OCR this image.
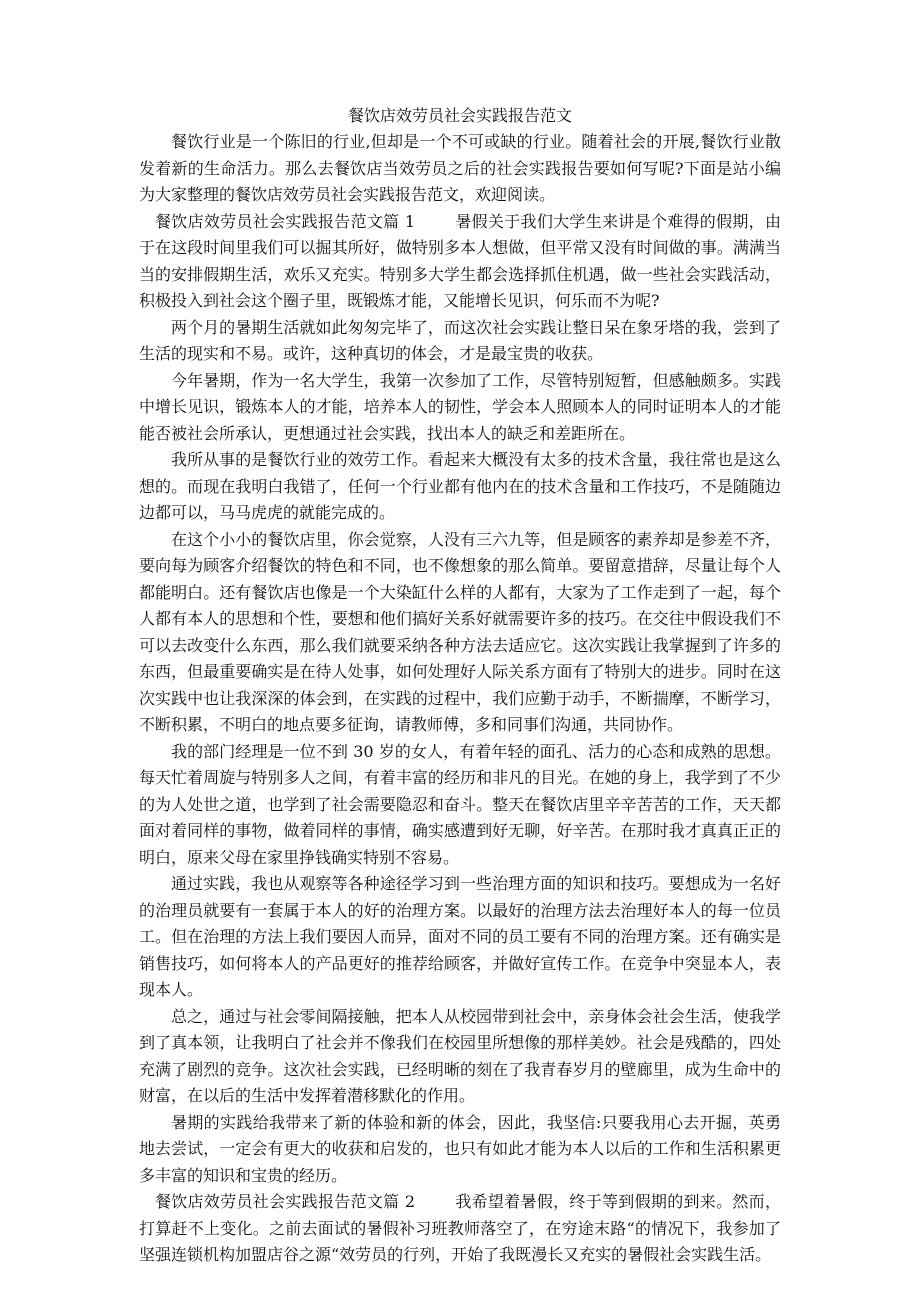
餐饮店效劳员社会实践报告范文

餐饮行业是一个陈旧的行业,但却是一个不可或缺的行业。随着社会的开展,餐饮行业散发着新的生命活力。那么去餐饮店当效劳员之后的社会实践报告要如何写呢?下面是站小编为大家整理的餐饮店效劳员社会实践报告范文，欢迎阅读。

餐饮店效劳员社会实践报告范文篇 1	暑假关于我们大学生来讲是个难得的假期，由于在这段时间里我们可以掘其所好，做特别多本人想做，但平常又没有时间做的事。满满当当的安排假期生活，欢乐又充实。特别多大学生都会选择抓住机遇，做一些社会实践活动，积极投入到社会这个圈子里，既锻炼才能，又能增长见识，何乐而不为呢?

两个月的暑期生活就如此匆匆完毕了，而这次社会实践让整日呆在象牙塔的我，尝到了生活的现实和不易。或许，这种真切的体会，才是最宝贵的收获。

今年暑期，作为一名大学生，我第一次参加了工作，尽管特别短暂，但感触颇多。实践中增长见识，锻炼本人的才能，培养本人的韧性，学会本人照顾本人的同时证明本人的才能能否被社会所承认，更想通过社会实践，找出本人的缺乏和差距所在。

我所从事的是餐饮行业的效劳工作。看起来大概没有太多的技术含量，我往常也是这么想的。而现在我明白我错了，任何一个行业都有他内在的技术含量和工作技巧，不是随随边边都可以，马马虎虎的就能完成的。

在这个小小的餐饮店里，你会觉察，人没有三六九等，但是顾客的素养却是参差不齐，要向每为顾客介绍餐饮的特色和不同，也不像想象的那么简单。要留意措辞，尽量让每个人都能明白。还有餐饮店也像是一个大染缸什么样的人都有，大家为了工作走到了一起，每个人都有本人的思想和个性，要想和他们搞好关系好就需要许多的技巧。在交往中假设我们不可以去改变什么东西，那么我们就要采纳各种方法去适应它。这次实践让我掌握到了许多的东西，但最重要确实是在待人处事，如何处理好人际关系方面有了特别大的进步。同时在这次实践中也让我深深的体会到，在实践的过程中，我们应勤于动手，不断揣摩，不断学习，不断积累，不明白的地点要多征询，请教师傅，多和同事们沟通，共同协作。

我的部门经理是一位不到 30 岁的女人，有着年轻的面孔、活力的心态和成熟的思想。每天忙着周旋与特别多人之间，有着丰富的经历和非凡的目光。在她的身上，我学到了不少的为人处世之道，也学到了社会需要隐忍和奋斗。整天在餐饮店里辛辛苦苦的工作，天天都面对着同样的事物，做着同样的事情，确实感遭到好无聊，好辛苦。在那时我才真真正正的明白，原来父母在家里挣钱确实特别不容易。

通过实践，我也从观察等各种途径学习到一些治理方面的知识和技巧。要想成为一名好的治理员就要有一套属于本人的好的治理方案。以最好的治理方法去治理好本人的每一位员工。但在治理的方法上我们要因人而异，面对不同的员工要有不同的治理方案。还有确实是销售技巧，如何将本人的产品更好的推荐给顾客，并做好宣传工作。在竞争中突显本人，表现本人。

总之，通过与社会零间隔接触，把本人从校园带到社会中，亲身体会社会生活，使我学到了真本领，让我明白了社会并不像我们在校园里所想像的那样美妙。社会是残酷的，四处充满了剧烈的竞争。这次社会实践，已经明晰的刻在了我青春岁月的壁廊里，成为生命中的财富，在以后的生活中发挥着潜移默化的作用。

暑期的实践给我带来了新的体验和新的体会，因此，我坚信:只要我用心去开掘，英勇地去尝试，一定会有更大的收获和启发的，也只有如此才能为本人以后的工作和生活积累更多丰富的知识和宝贵的经历。

餐饮店效劳员社会实践报告范文篇 2	我希望着暑假，终于等到假期的到来。然而，打算赶不上变化。之前去面试的暑假补习班教师落空了，在穷途末路“的情况下，我参加了坚强连锁机构加盟店谷之源“效劳员的行列，开始了我既漫长又充实的暑假社会实践生活。
